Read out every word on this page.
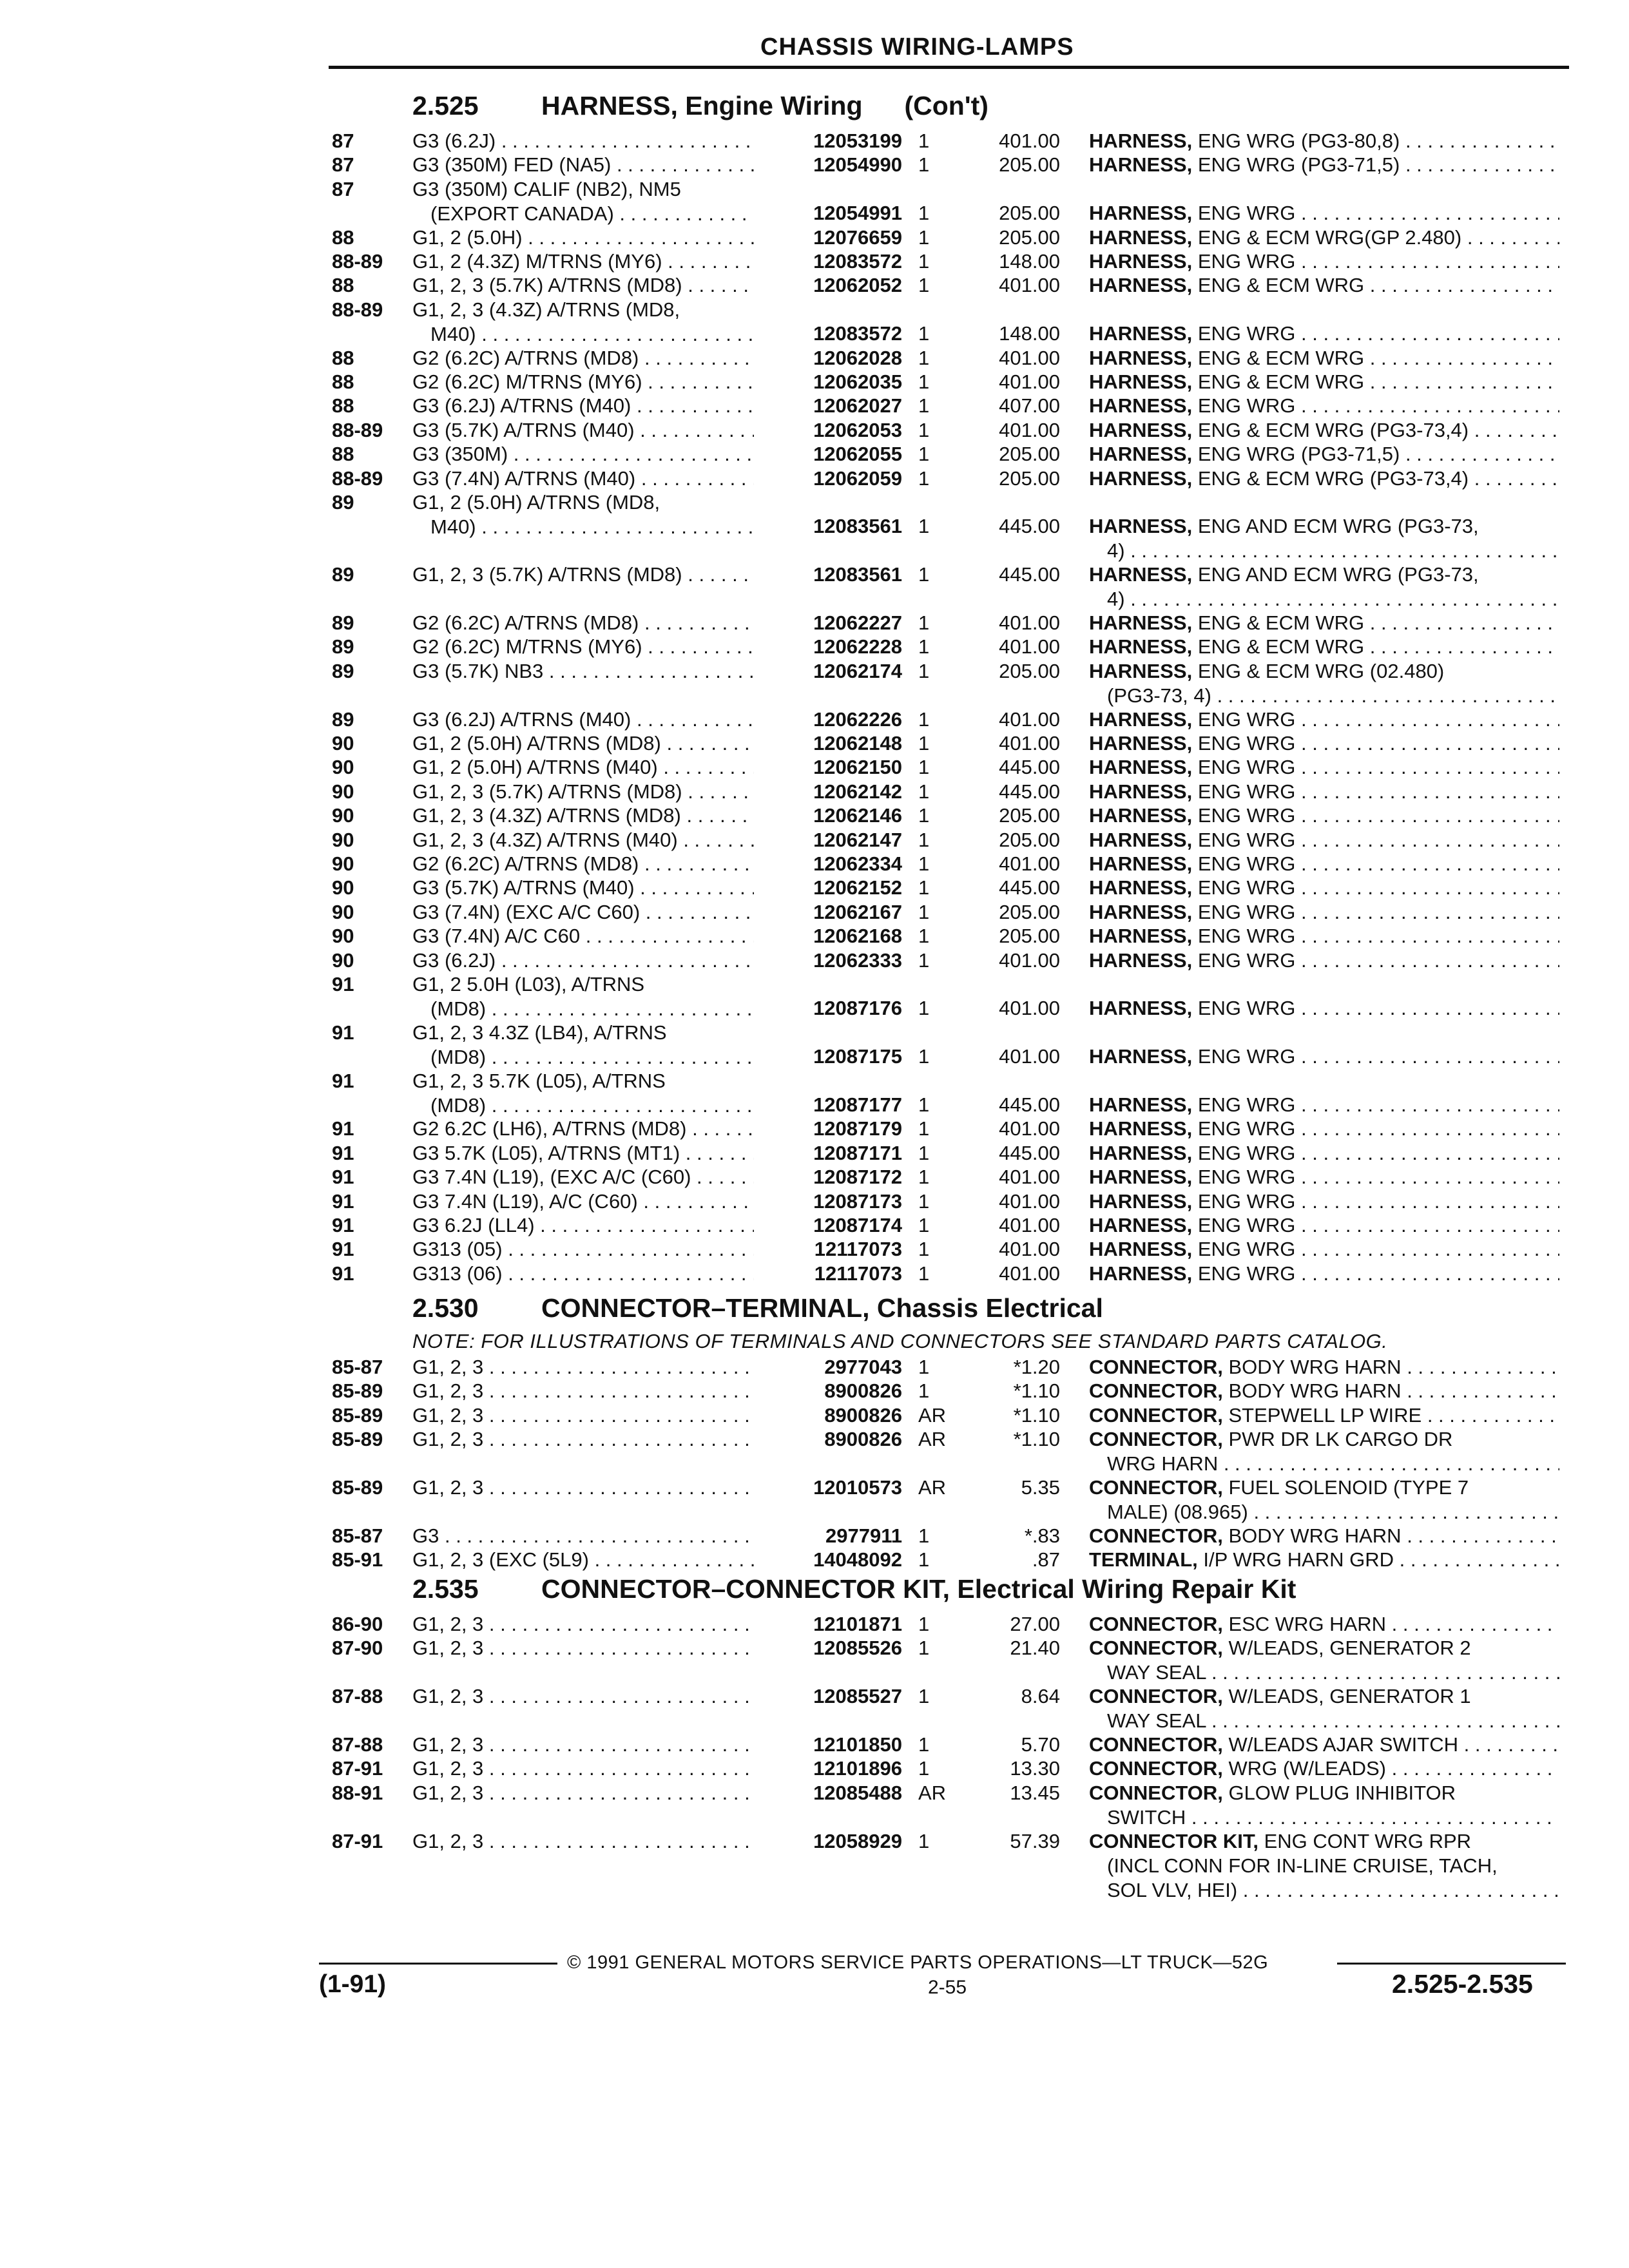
CHASSIS WIRING-LAMPS
2.525 HARNESS, Engine Wiring (Con't)
87	G3 (6.2J) . . .	12053199 1	401.00 HARNESS, ENG WRG (PG3-80,8) . . .
87	G3 (350M) FED (NA5) . . .	12054990 1	205.00 HARNESS, ENG WRG (PG3-71,5) . . .
87	G3 (350M) CALIF (NB2), NM5
(EXPORT CANADA) . . .	12054991 1	205.00 HARNESS, ENG WRG . . .
88	G1, 2 (5.0H) . . .	12076659 1	205.00 HARNESS, ENG & ECM WRG(GP 2.480) . . .
88-89	G1, 2 (4.3Z) M/TRNS (MY6) . . .	12083572 1	148.00 HARNESS, ENG WRG . . .
88	G1, 2, 3 (5.7K) A/TRNS (MD8) . . .	12062052 1	401.00 HARNESS, ENG & ECM WRG . . .
88-89	G1, 2, 3 (4.3Z) A/TRNS (MD8,
M40) . . .	12083572 1	148.00 HARNESS, ENG WRG . . .
88	G2 (6.2C) A/TRNS (MD8) . . .	12062028 1	401.00 HARNESS, ENG & ECM WRG . . .
88	G2 (6.2C) M/TRNS (MY6) . . .	12062035 1	401.00 HARNESS, ENG & ECM WRG . . .
88	G3 (6.2J) A/TRNS (M40) . . .	12062027 1	407.00 HARNESS, ENG WRG . . .
88-89	G3 (5.7K) A/TRNS (M40) . . .	12062053 1	401.00 HARNESS, ENG & ECM WRG (PG3-73,4) . . .
88	G3 (350M) . . .	12062055 1	205.00 HARNESS, ENG WRG (PG3-71,5) . . .
88-89	G3 (7.4N) A/TRNS (M40) . . .	12062059 1	205.00 HARNESS, ENG & ECM WRG (PG3-73,4) . . .
89	G1, 2 (5.0H) A/TRNS (MD8,
M40) . . .	12083561 1	445.00 HARNESS, ENG AND ECM WRG (PG3-73,
4) . . .
89	G1, 2, 3 (5.7K) A/TRNS (MD8) . . .	12083561 1	445.00 HARNESS, ENG AND ECM WRG (PG3-73,
4) . . .
89	G2 (6.2C) A/TRNS (MD8) . . .	12062227 1	401.00 HARNESS, ENG & ECM WRG . . .
89	G2 (6.2C) M/TRNS (MY6) . . .	12062228 1	401.00 HARNESS, ENG & ECM WRG . . .
89	G3 (5.7K) NB3 . . .	12062174 1	205.00 HARNESS, ENG & ECM WRG (02.480)
(PG3-73, 4) . . .
89	G3 (6.2J) A/TRNS (M40) . . .	12062226 1	401.00 HARNESS, ENG WRG . . .
90	G1, 2 (5.0H) A/TRNS (MD8) . . .	12062148 1	401.00 HARNESS, ENG WRG . . .
90	G1, 2 (5.0H) A/TRNS (M40) . . .	12062150 1	445.00 HARNESS, ENG WRG . . .
90	G1, 2, 3 (5.7K) A/TRNS (MD8) . . .	12062142 1	445.00 HARNESS, ENG WRG . . .
90	G1, 2, 3 (4.3Z) A/TRNS (MD8) . . .	12062146 1	205.00 HARNESS, ENG WRG . . .
90	G1, 2, 3 (4.3Z) A/TRNS (M40) . . .	12062147 1	205.00 HARNESS, ENG WRG . . .
90	G2 (6.2C) A/TRNS (MD8) . . .	12062334 1	401.00 HARNESS, ENG WRG . . .
90	G3 (5.7K) A/TRNS (M40) . . .	12062152 1	445.00 HARNESS, ENG WRG . . .
90	G3 (7.4N) (EXC A/C C60) . . .	12062167 1	205.00 HARNESS, ENG WRG . . .
90	G3 (7.4N) A/C C60 . . .	12062168 1	205.00 HARNESS, ENG WRG . . .
90	G3 (6.2J) . . .	12062333 1	401.00 HARNESS, ENG WRG . . .
91	G1, 2 5.0H (L03), A/TRNS
(MD8) . . .	12087176 1	401.00 HARNESS, ENG WRG . . .
91	G1, 2, 3 4.3Z (LB4), A/TRNS
(MD8) . . .	12087175 1	401.00 HARNESS, ENG WRG . . .
91	G1, 2, 3 5.7K (L05), A/TRNS
(MD8) . . .	12087177 1	445.00 HARNESS, ENG WRG . . .
91	G2 6.2C (LH6), A/TRNS (MD8) . . .	12087179 1	401.00 HARNESS, ENG WRG . . .
91	G3 5.7K (L05), A/TRNS (MT1) . . .	12087171 1	445.00 HARNESS, ENG WRG . . .
91	G3 7.4N (L19), (EXC A/C (C60) . . .	12087172 1	401.00 HARNESS, ENG WRG . . .
91	G3 7.4N (L19), A/C (C60) . . .	12087173 1	401.00 HARNESS, ENG WRG . . .
91	G3 6.2J (LL4) . . .	12087174 1	401.00 HARNESS, ENG WRG . . .
91	G313 (05) . . .	12117073 1	401.00 HARNESS, ENG WRG . . .
91	G313 (06) . . .	12117073 1	401.00 HARNESS, ENG WRG . . .
2.530 CONNECTOR–TERMINAL, Chassis Electrical
NOTE: FOR ILLUSTRATIONS OF TERMINALS AND CONNECTORS SEE STANDARD PARTS CATALOG.
85-87	G1, 2, 3 . . .	2977043 1	*1.20 CONNECTOR, BODY WRG HARN . . .
85-89	G1, 2, 3 . . .	8900826 1	*1.10 CONNECTOR, BODY WRG HARN . . .
85-89	G1, 2, 3 . . .	8900826 AR	*1.10 CONNECTOR, STEPWELL LP WIRE . . .
85-89	G1, 2, 3 . . .	8900826 AR	*1.10 CONNECTOR, PWR DR LK CARGO DR
WRG HARN . . .
85-89	G1, 2, 3 . . .	12010573 AR	5.35 CONNECTOR, FUEL SOLENOID (TYPE 7
MALE) (08.965) . . .
85-87	G3 . . .	2977911 1	*.83 CONNECTOR, BODY WRG HARN . . .
85-91	G1, 2, 3 (EXC (5L9) . . .	14048092 1	.87 TERMINAL, I/P WRG HARN GRD . . .
2.535 CONNECTOR–CONNECTOR KIT, Electrical Wiring Repair Kit
86-90	G1, 2, 3 . . .	12101871 1	27.00 CONNECTOR, ESC WRG HARN . . .
87-90	G1, 2, 3 . . .	12085526 1	21.40 CONNECTOR, W/LEADS, GENERATOR 2
WAY SEAL . . .
87-88	G1, 2, 3 . . .	12085527 1	8.64 CONNECTOR, W/LEADS, GENERATOR 1
WAY SEAL . . .
87-88	G1, 2, 3 . . .	12101850 1	5.70 CONNECTOR, W/LEADS AJAR SWITCH . . .
87-91	G1, 2, 3 . . .	12101896 1	13.30 CONNECTOR, WRG (W/LEADS) . . .
88-91	G1, 2, 3 . . .	12085488 AR	13.45 CONNECTOR, GLOW PLUG INHIBITOR
SWITCH . . .
87-91	G1, 2, 3 . . .	12058929 1	57.39 CONNECTOR KIT, ENG CONT WRG RPR
(INCL CONN FOR IN-LINE CRUISE, TACH,
SOL VLV, HEI) . . .
© 1991 GENERAL MOTORS SERVICE PARTS OPERATIONS—LT TRUCK—52G
(1-91)	2-55	2.525-2.535
